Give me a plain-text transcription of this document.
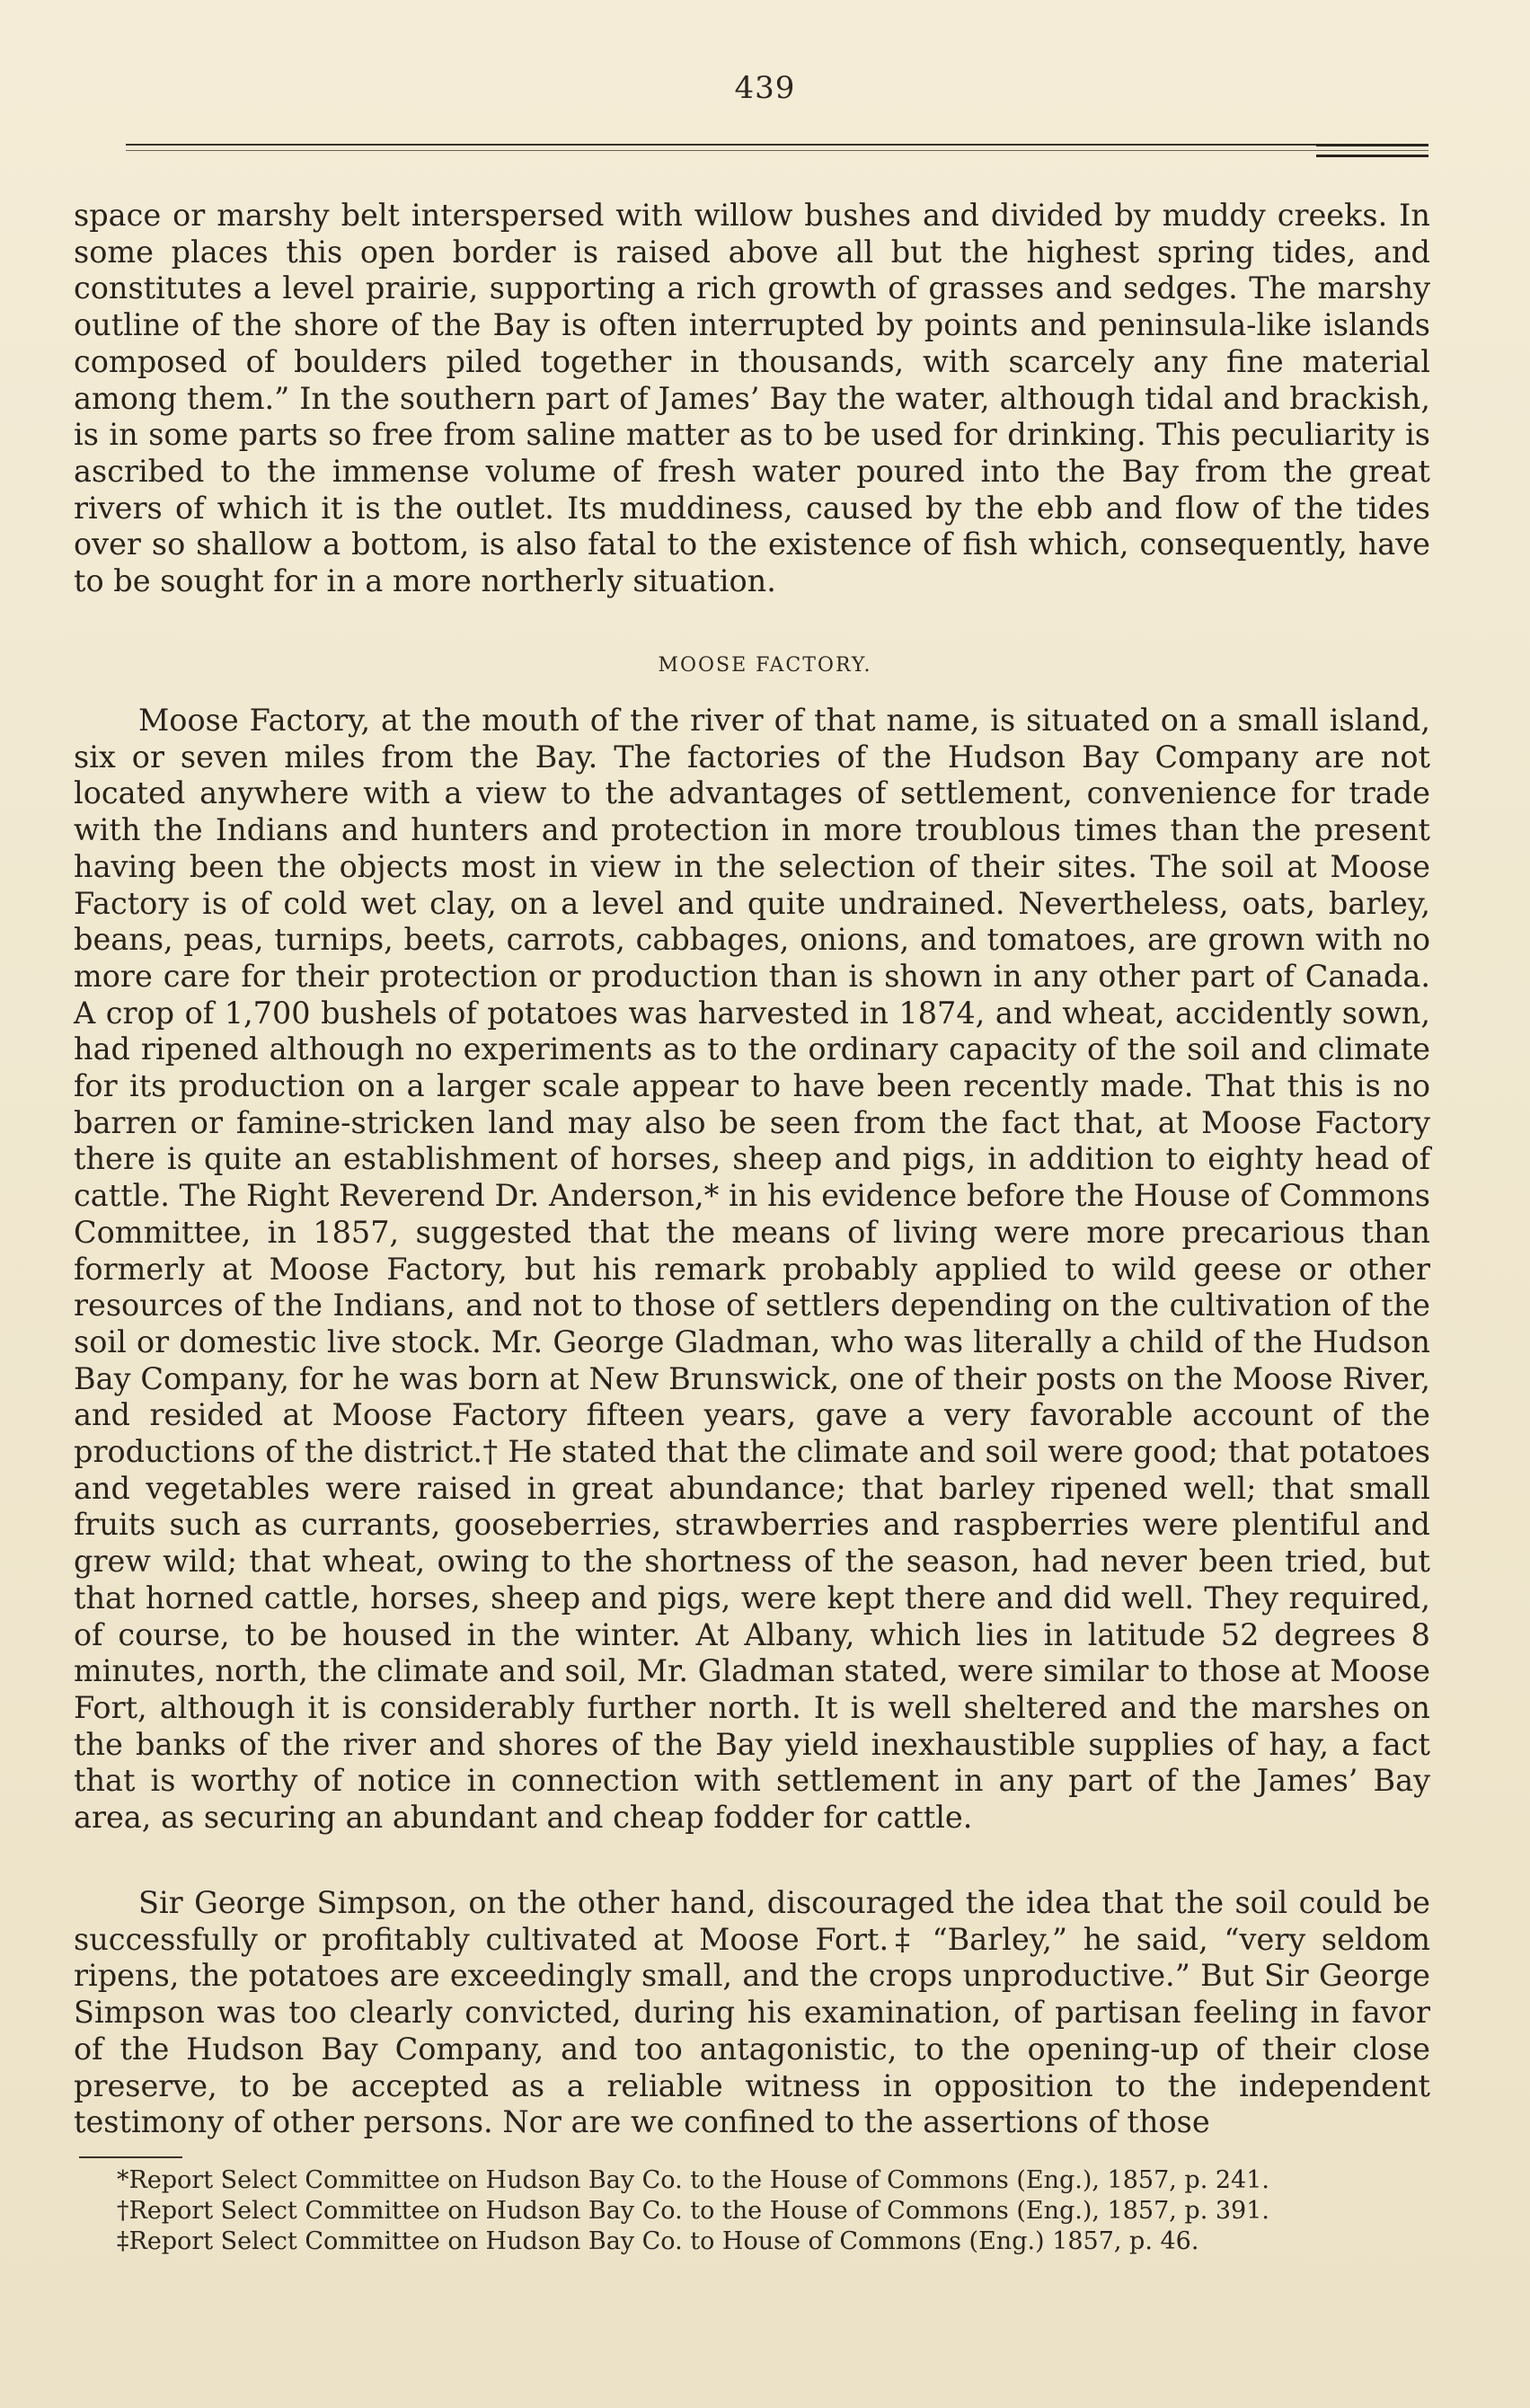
439

space or marshy belt interspersed with willow bushes and divided by muddy creeks. In some places this open border is raised above all but the highest spring tides, and constitutes a level prairie, supporting a rich growth of grasses and sedges. The marshy outline of the shore of the Bay is often interrupted by points and peninsula-like islands composed of boulders piled together in thousands, with scarcely any fine material among them.” In the southern part of James’ Bay the water, although tidal and brackish, is in some parts so free from saline matter as to be used for drinking. This peculiarity is ascribed to the immense volume of fresh water poured into the Bay from the great rivers of which it is the outlet. Its muddiness, caused by the ebb and flow of the tides over so shallow a bottom, is also fatal to the existence of fish which, consequently, have to be sought for in a more northerly situation.

MOOSE FACTORY.

Moose Factory, at the mouth of the river of that name, is situated on a small island, six or seven miles from the Bay. The factories of the Hudson Bay Company are not located anywhere with a view to the advantages of settlement, convenience for trade with the Indians and hunters and protection in more troublous times than the present having been the objects most in view in the selection of their sites. The soil at Moose Factory is of cold wet clay, on a level and quite undrained. Nevertheless, oats, barley, beans, peas, turnips, beets, carrots, cabbages, onions, and tomatoes, are grown with no more care for their protection or production than is shown in any other part of Canada. A crop of 1,700 bushels of potatoes was harvested in 1874, and wheat, accidently sown, had ripened although no experiments as to the ordinary capacity of the soil and climate for its production on a larger scale appear to have been recently made. That this is no barren or famine-stricken land may also be seen from the fact that, at Moose Factory there is quite an establishment of horses, sheep and pigs, in addition to eighty head of cattle. The Right Reverend Dr. Anderson,* in his evidence before the House of Commons Committee, in 1857, suggested that the means of living were more precarious than formerly at Moose Factory, but his remark probably applied to wild geese or other resources of the Indians, and not to those of settlers depending on the cultivation of the soil or domestic live stock. Mr. George Gladman, who was literally a child of the Hudson Bay Company, for he was born at New Brunswick, one of their posts on the Moose River, and resided at Moose Factory fifteen years, gave a very favorable account of the productions of the district.† He stated that the climate and soil were good; that potatoes and vegetables were raised in great abundance; that barley ripened well; that small fruits such as currants, gooseberries, strawberries and raspberries were plentiful and grew wild; that wheat, owing to the shortness of the season, had never been tried, but that horned cattle, horses, sheep and pigs, were kept there and did well. They required, of course, to be housed in the winter. At Albany, which lies in latitude 52 degrees 8 minutes, north, the climate and soil, Mr. Gladman stated, were similar to those at Moose Fort, although it is considerably further north. It is well sheltered and the marshes on the banks of the river and shores of the Bay yield inexhaustible supplies of hay, a fact that is worthy of notice in connection with settlement in any part of the James’ Bay area, as securing an abundant and cheap fodder for cattle.

Sir George Simpson, on the other hand, discouraged the idea that the soil could be successfully or profitably cultivated at Moose Fort.‡ “Barley,” he said, “very seldom ripens, the potatoes are exceedingly small, and the crops unproductive.” But Sir George Simpson was too clearly convicted, during his examination, of partisan feeling in favor of the Hudson Bay Company, and too antagonistic, to the opening-up of their close preserve, to be accepted as a reliable witness in opposition to the independent testimony of other persons. Nor are we confined to the assertions of those

*Report Select Committee on Hudson Bay Co. to the House of Commons (Eng.), 1857, p. 241.
†Report Select Committee on Hudson Bay Co. to the House of Commons (Eng.), 1857, p. 391.
‡Report Select Committee on Hudson Bay Co. to House of Commons (Eng.) 1857, p. 46.
